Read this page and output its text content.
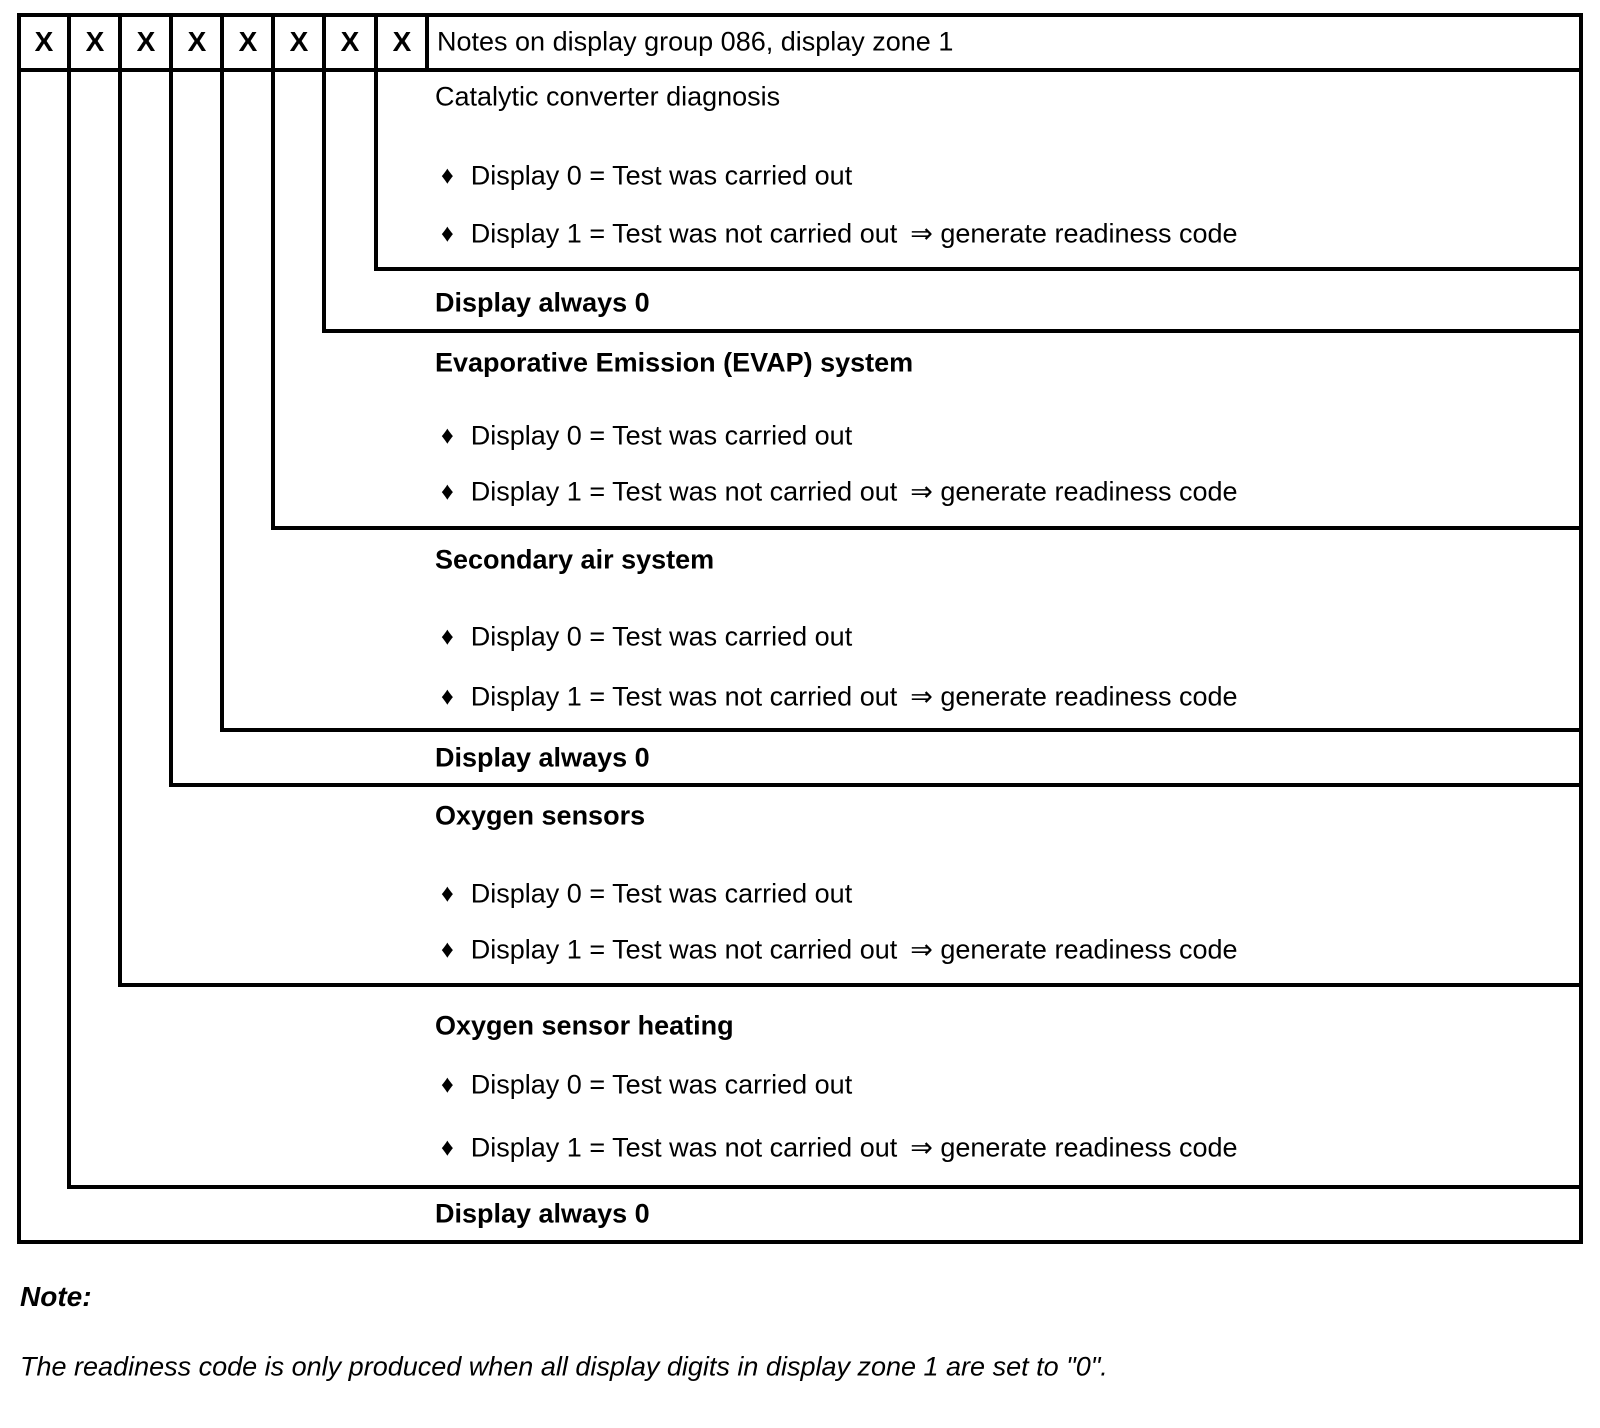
X X X X X X X X Notes on display group 086, display zone 1
Catalytic converter diagnosis
♦ Display 0 = Test was carried out
♦ Display 1 = Test was not carried out ⇒ generate readiness code
Display always 0
Evaporative Emission (EVAP) system
♦ Display 0 = Test was carried out
♦ Display 1 = Test was not carried out ⇒ generate readiness code
Secondary air system
♦ Display 0 = Test was carried out
♦ Display 1 = Test was not carried out ⇒ generate readiness code
Display always 0
Oxygen sensors
♦ Display 0 = Test was carried out
♦ Display 1 = Test was not carried out ⇒ generate readiness code
Oxygen sensor heating
♦ Display 0 = Test was carried out
♦ Display 1 = Test was not carried out ⇒ generate readiness code
Display always 0
Note:
The readiness code is only produced when all display digits in display zone 1 are set to "0".
